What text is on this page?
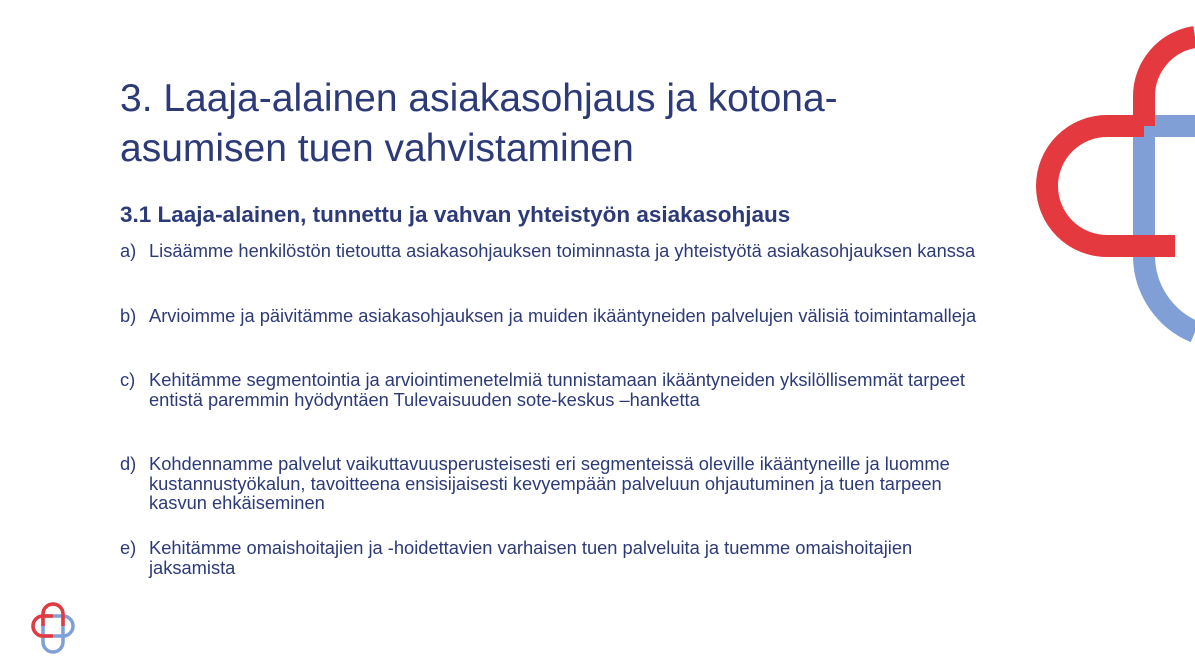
3. Laaja-alainen asiakasohjaus ja kotona-asumisen tuen vahvistaminen
3.1 Laaja-alainen, tunnettu ja vahvan yhteistyön asiakasohjaus
a) Lisäämme henkilöstön tietoutta asiakasohjauksen toiminnasta ja yhteistyötä asiakasohjauksen kanssa
b) Arvioimme ja päivitämme asiakasohjauksen ja muiden ikääntyneiden palvelujen välisiä toimintamalleja
c) Kehitämme segmentointia ja arviointimenetelmiä tunnistamaan ikääntyneiden yksilöllisemmät tarpeet entistä paremmin hyödyntäen Tulevaisuuden sote-keskus –hanketta
d) Kohdennamme palvelut vaikuttavuusperusteisesti eri segmenteissä oleville ikääntyneille ja luomme kustannustyökalun, tavoitteena ensisijaisesti kevyempään palveluun ohjautuminen ja tuen tarpeen kasvun ehkäiseminen
e) Kehitämme omaishoitajien ja -hoidettavien varhaisen tuen palveluita ja tuemme omaishoitajien jaksamista
